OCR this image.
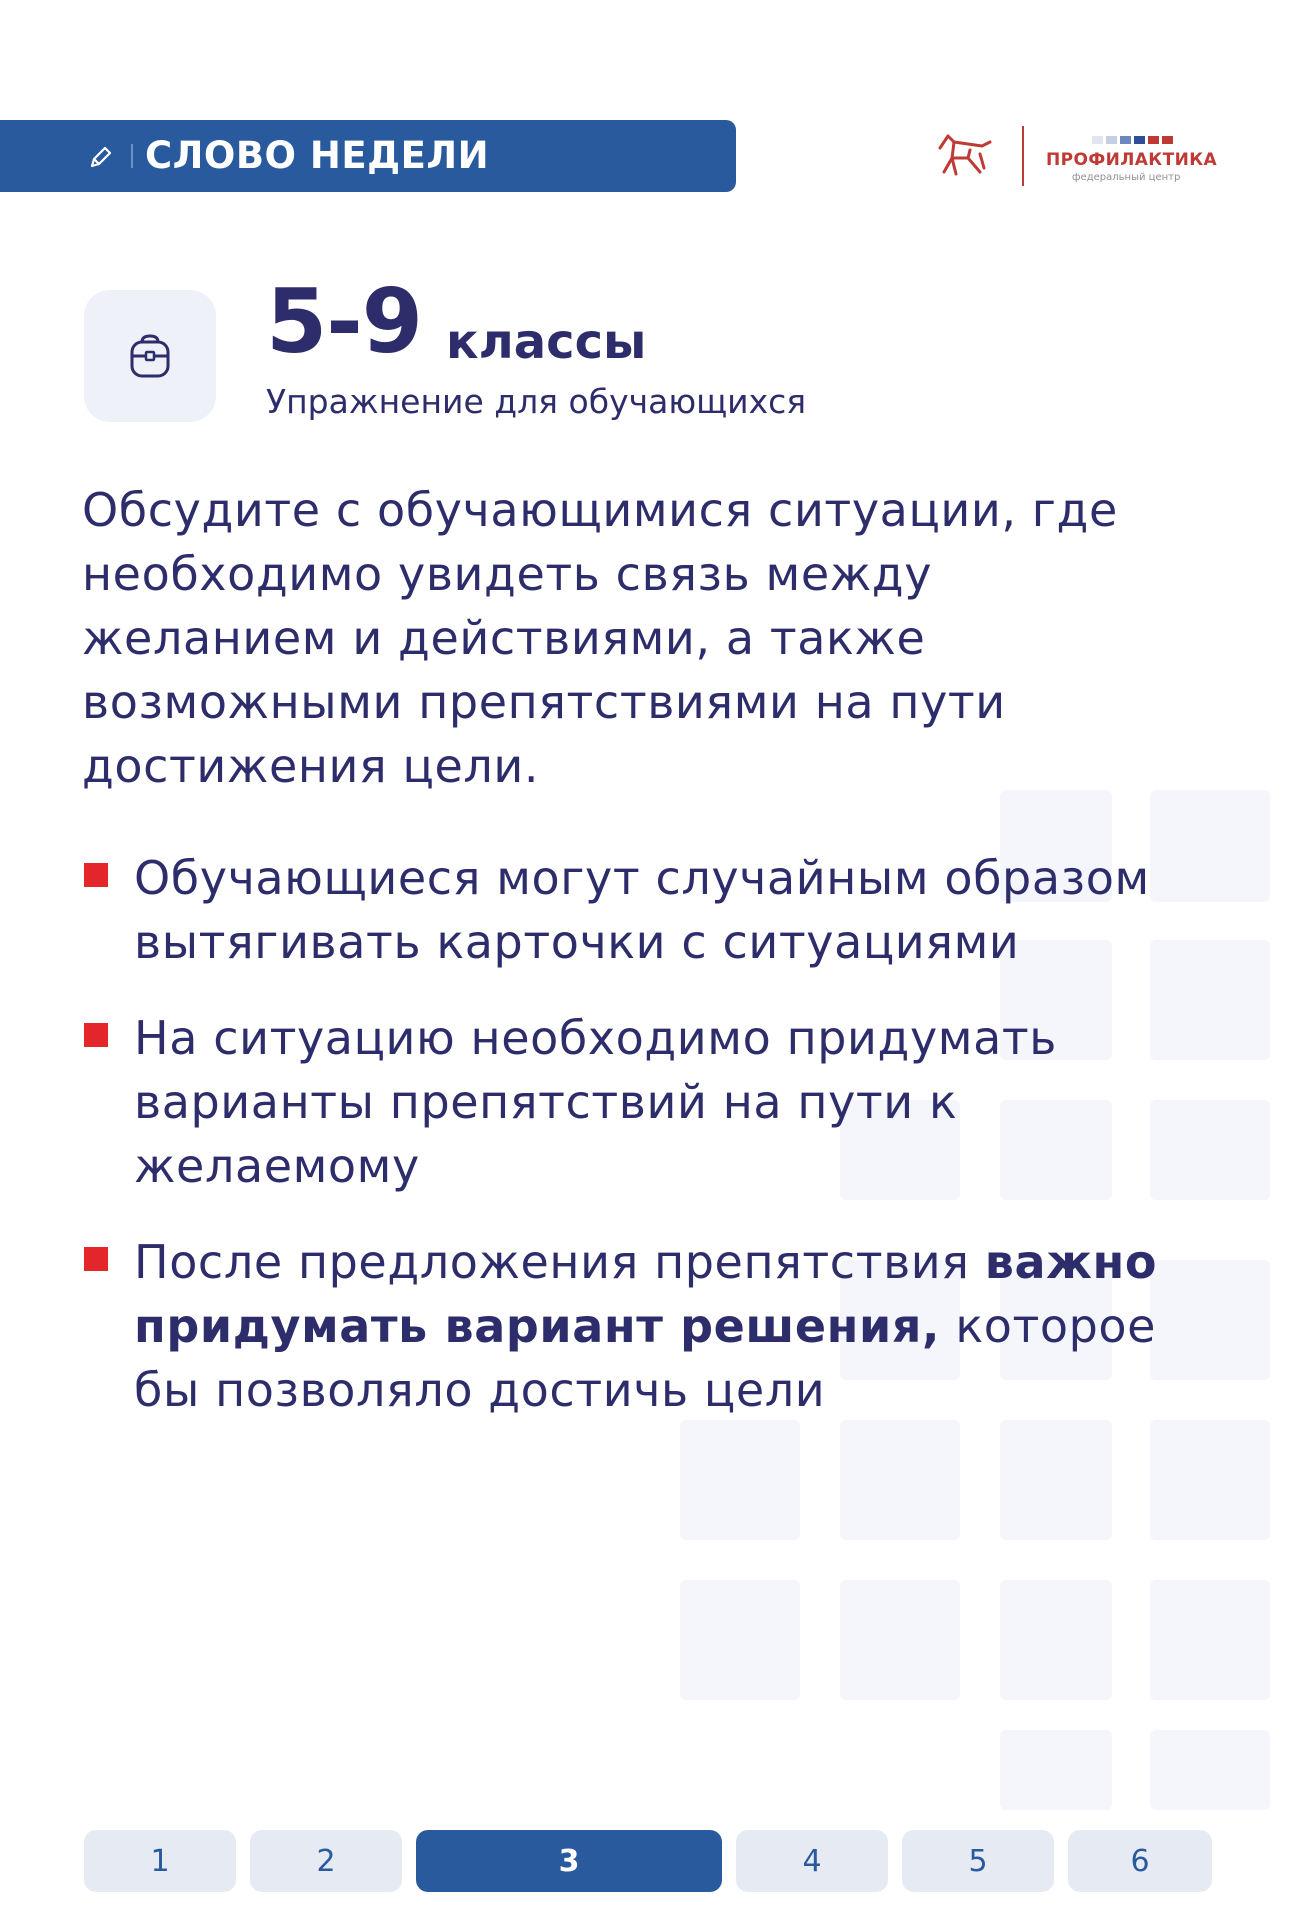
СЛОВО НЕДЕЛИ	ПРОФИЛАКТИКА
федеральный центр
5-9 классы
Упражнение для обучающихся

Обсудите с обучающимися ситуации, где необходимо увидеть связь между желанием и действиями, а также возможными препятствиями на пути достижения цели.

Обучающиеся могут случайным образом вытягивать карточки с ситуациями
На ситуацию необходимо придумать варианты препятствий на пути к желаемому
После предложения препятствия важно придумать вариант решения, которое бы позволяло достичь цели
1	2	3	4	5	6
